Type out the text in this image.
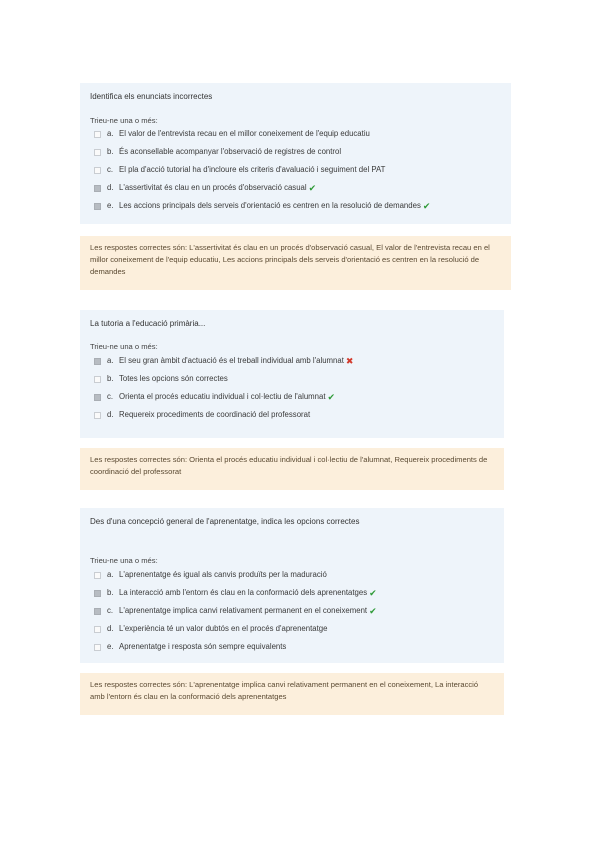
Identifica els enunciats incorrectes
Trieu-ne una o més:
a. El valor de l'entrevista recau en el millor coneixement de l'equip educatiu
b. És aconsellable acompanyar l'observació de registres de control
c. El pla d'acció tutorial ha d'incloure els criteris d'avaluació i seguiment del PAT
d. L'assertivitat és clau en un procés d'observació casual ✔
e. Les accions principals dels serveis d'orientació es centren en la resolució de demandes ✔
Les respostes correctes són: L'assertivitat és clau en un procés d'observació casual, El valor de l'entrevista recau en el millor coneixement de l'equip educatiu, Les accions principals dels serveis d'orientació es centren en la resolució de demandes
La tutoria a l'educació primària...
Trieu-ne una o més:
a. El seu gran àmbit d'actuació és el treball individual amb l'alumnat ✖
b. Totes les opcions són correctes
c. Orienta el procés educatiu individual i col·lectiu de l'alumnat ✔
d. Requereix procediments de coordinació del professorat
Les respostes correctes són: Orienta el procés educatiu individual i col·lectiu de l'alumnat, Requereix procediments de coordinació del professorat
Des d'una concepció general de l'aprenentatge, indica les opcions correctes
Trieu-ne una o més:
a. L'aprenentatge és igual als canvis produïts per la maduració
b. La interacció amb l'entorn és clau en la conformació dels aprenentatges ✔
c. L'aprenentatge implica canvi relativament permanent en el coneixement ✔
d. L'experiència té un valor dubtós en el procés d'aprenentatge
e. Aprenentatge i resposta són sempre equivalents
Les respostes correctes són: L'aprenentatge implica canvi relativament permanent en el coneixement, La interacció amb l'entorn és clau en la conformació dels aprenentatges
